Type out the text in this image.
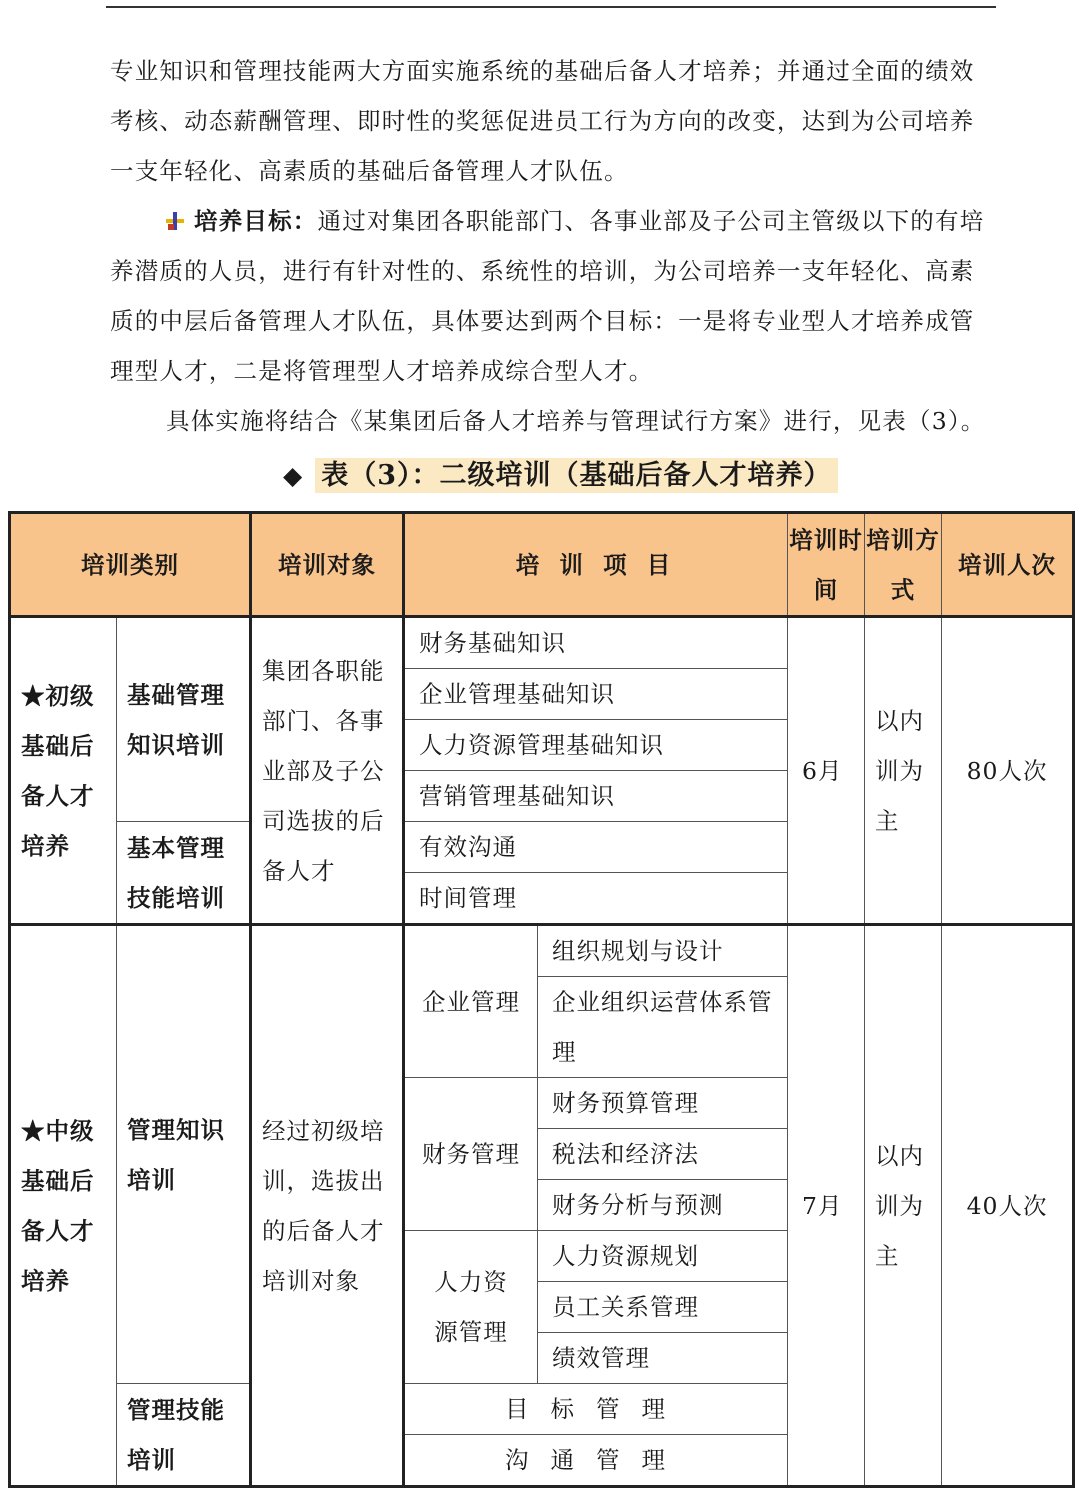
专业知识和管理技能两大方面实施系统的基础后备人才培养；并通过全面的绩效考核、动态薪酬管理、即时性的奖惩促进员工行为方向的改变，达到为公司培养一支年轻化、高素质的基础后备管理人才队伍。

培养目标：通过对集团各职能部门、各事业部及子公司主管级以下的有培养潜质的人员，进行有针对性的、系统性的培训，为公司培养一支年轻化、高素质的中层后备管理人才队伍，具体要达到两个目标：一是将专业型人才培养成管理型人才，二是将管理型人才培养成综合型人才。

具体实施将结合《某集团后备人才培养与管理试行方案》进行，见表（3）。

◆ 表（3）：二级培训（基础后备人才培养）
培训类别		培训对象	培 训 项 目		培训时间	培训方式	培训人次
★初级基础后备人才培养	基础管理知识培训	集团各职能部门、各事业部及子公司选拔的后备人才	财务基础知识		6月	以内训为主	80人次
			企业管理基础知识				
			人力资源管理基础知识				
			营销管理基础知识				
	基本管理技能培训		有效沟通				
			时间管理				
★中级基础后备人才培养	管理知识培训	经过初级培训，选拔出的后备人才培训对象	企业管理	组织规划与设计	7月	以内训为主	40人次
				企业组织运营体系管理			

			财务管理	财务预算管理			
				税法和经济法			
				财务分析与预测			
			人力资源管理	人力资源规划			
				员工关系管理			
				绩效管理			
	管理技能培训		目标管理				
			沟通管理				
